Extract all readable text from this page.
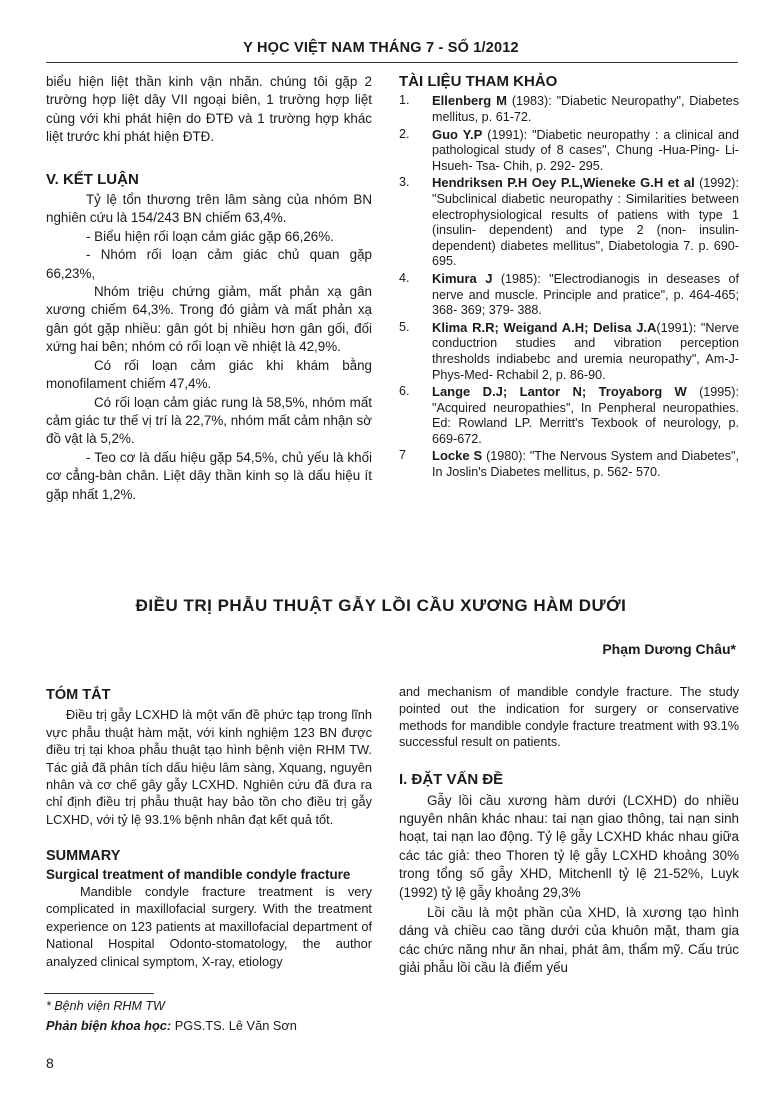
Y HỌC VIỆT NAM THÁNG 7 - SỐ 1/2012

biểu hiện liệt thần kinh vận nhãn. chúng tôi gặp 2 trường hợp liệt dây VII ngoại biên, 1 trường hợp liệt cùng với khi phát hiện do ĐTĐ và 1 trường hợp khác liệt trước khi phát hiện ĐTĐ.

V. KẾT LUẬN

Tỷ lệ tổn thương trên lâm sàng của nhóm BN nghiên cứu là 154/243 BN chiếm 63,4%.

- Biểu hiện rối loạn cảm giác gặp 66,26%.

- Nhóm rối loạn cảm giác chủ quan gặp 66,23%,

Nhóm triệu chứng giảm, mất phản xạ gân xương chiếm 64,3%. Trong đó giảm và mất phản xạ gân gót gặp nhiều: gân gót bị nhiều hơn gân gối, đối xứng hai bên; nhóm có rối loạn về nhiệt là 42,9%.

Có rối loạn cảm giác khi khám bằng monofilament chiếm 47,4%.

Có rối loạn cảm giác rung là 58,5%, nhóm mất cảm giác tư thế vị trí là 22,7%, nhóm mất cảm nhận sờ đồ vật là 5,2%.

- Teo cơ là dấu hiệu gặp 54,5%, chủ yếu là khối cơ cẳng-bàn chân. Liệt dây thần kinh sọ là dấu hiệu ít gặp nhất 1,2%.

TÀI LIỆU THAM KHẢO

1. Ellenberg M (1983): "Diabetic Neuropathy", Diabetes mellitus, p. 61-72.

2. Guo Y.P (1991): "Diabetic neuropathy : a clinical and pathological study of 8 cases", Chung -Hua-Ping- Li- Hsueh- Tsa- Chih, p. 292- 295.

3. Hendriksen P.H Oey P.L,Wieneke G.H et al (1992): "Subclinical diabetic neuropathy : Similarities between electrophysiological results of patiens with type 1 (insulin- dependent) and type 2 (non- insulin- dependent) diabetes mellitus", Diabetologia 7. p. 690-695.

4. Kimura J (1985): "Electrodianogis in deseases of nerve and muscle. Principle and pratice", p. 464-465; 368- 369; 379- 388.

5. Klima R.R; Weigand A.H; Delisa J.A(1991): "Nerve conductrion studies and vibration perception thresholds indiabebc and uremia neuropathy", Am-J- Phys-Med- Rchabil 2, p. 86-90.

6. Lange D.J; Lantor N; Troyaborg W (1995): "Acquired neuropathies", In Penpheral neuropathies. Ed: Rowland LP. Merritt's Texbook of neurology, p. 669-672.

7 Locke S (1980): "The Nervous System and Diabetes", In Joslin's Diabetes mellitus, p. 562- 570.

ĐIỀU TRỊ PHẪU THUẬT GẪY LỒI CẦU XƯƠNG HÀM DƯỚI
Phạm Dương Châu*

TÓM TẮT

Điều trị gẫy LCXHD là một vấn đề phức tạp trong lĩnh vực phẫu thuật hàm mặt, với kinh nghiệm 123 BN được điều trị tại khoa phẫu thuật tạo hình bệnh viện RHM TW. Tác giả đã phân tích dấu hiệu lâm sàng, Xquang, nguyên nhân và cơ chế gây gẫy LCXHD. Nghiên cứu đã đưa ra chỉ định điều trị phẫu thuật hay bảo tồn cho điều trị gẫy LCXHD, với tỷ lệ 93.1% bệnh nhân đạt kết quả tốt.

SUMMARY

Surgical treatment of mandible condyle fracture

Mandible condyle fracture treatment is very complicated in maxillofacial surgery. With the treatment experience on 123 patients at maxillofacial department of National Hospital Odonto-stomatology, the author analyzed clinical symptom, X-ray, etiology

and mechanism of mandible condyle fracture. The study pointed out the indication for surgery or conservative methods for mandible condyle fracture treatment with 93.1% successful result on patients.

I. ĐẶT VẤN ĐỀ

Gẫy lồi cầu xương hàm dưới (LCXHD) do nhiều nguyên nhân khác nhau: tai nạn giao thông, tai nạn sinh hoạt, tai nạn lao động. Tỷ lệ gẫy LCXHD khác nhau giữa các tác giả: theo Thoren tỷ lệ gẫy LCXHD khoảng 30% trong tổng số gẫy XHD, Mitchenll tỷ lệ 21-52%, Luyk (1992) tỷ lệ gẫy khoảng 29,3%

Lồi cầu là một phần của XHD, là xương tạo hình dáng và chiều cao tầng dưới của khuôn mặt, tham gia các chức năng như ăn nhai, phát âm, thẩm mỹ. Cấu trúc giải phẫu lồi cầu là điểm yếu

* Bệnh viện RHM TW
Phản biện khoa học: PGS.TS. Lê Văn Sơn
8
